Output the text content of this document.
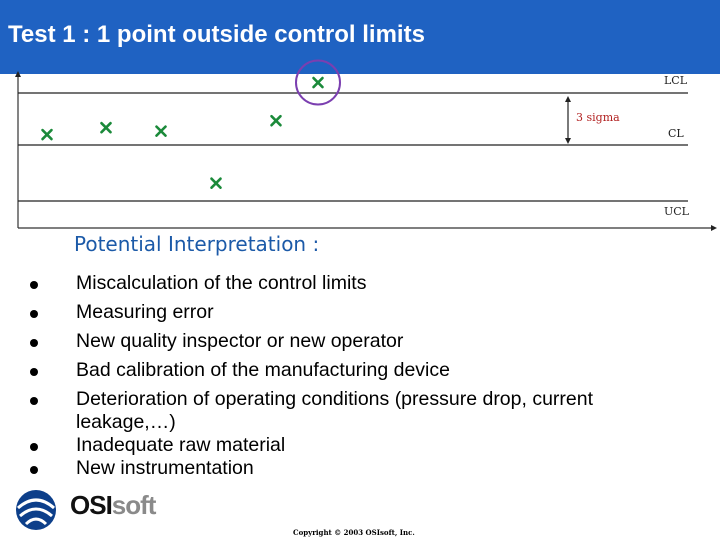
Test 1 : 1 point outside control limits
LCL
CL
UCL
3 sigma
Potential Interpretation :
Miscalculation of the control limits
Measuring error
New quality inspector or new operator
Bad calibration of the manufacturing device
Deterioration of operating conditions (pressure drop, current leakage,…)
Inadequate raw material
New instrumentation
OSIsoft
Copyright © 2003 OSIsoft, Inc.
